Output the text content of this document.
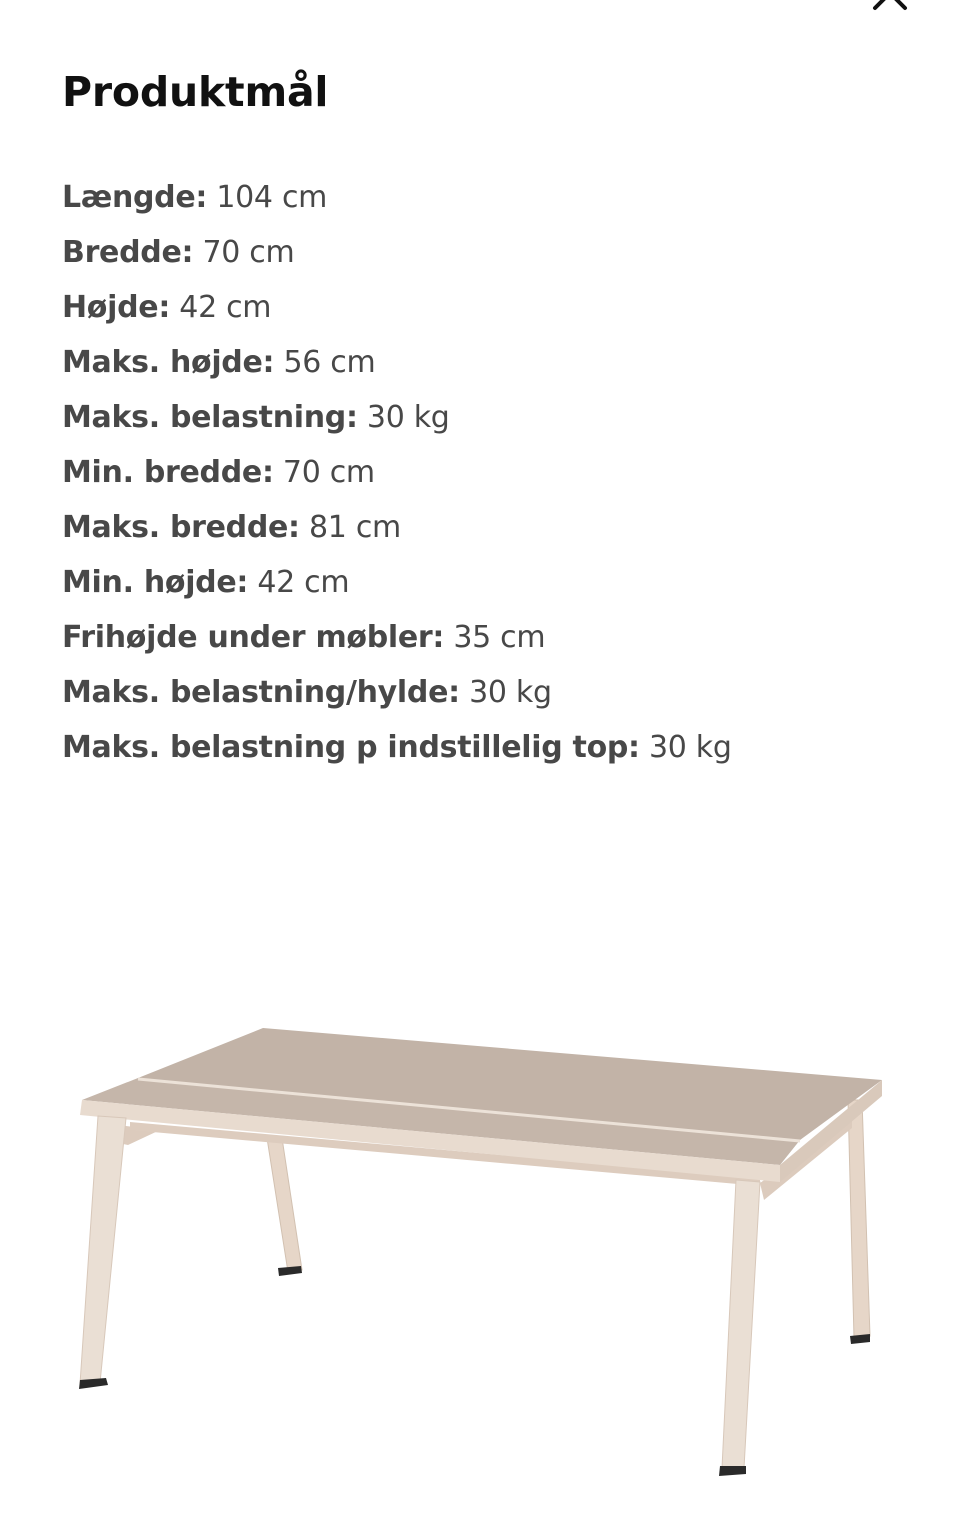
Produktmål
Længde: 104 cm
Bredde: 70 cm
Højde: 42 cm
Maks. højde: 56 cm
Maks. belastning: 30 kg
Min. bredde: 70 cm
Maks. bredde: 81 cm
Min. højde: 42 cm
Frihøjde under møbler: 35 cm
Maks. belastning/hylde: 30 kg
Maks. belastning p indstillelig top: 30 kg
